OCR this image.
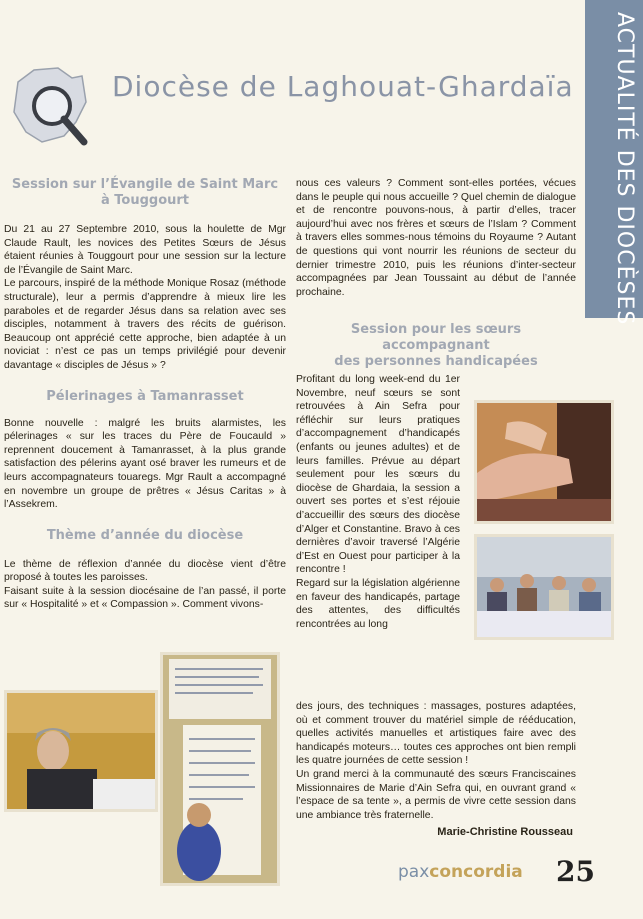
Diocèse de Laghouat-Ghardaïa	ACTUALITÉ DES DIOCÈSES

Session sur l’Évangile de Saint Marc

à Touggourt

Du 21 au 27 Septembre 2010, sous la houlette de Mgr Claude Rault, les novices des Petites Sœurs de Jésus étaient réunies à Touggourt pour une session sur la lecture de l’Évangile de Saint Marc.

Le parcours, inspiré de la méthode Monique Rosaz (méthode structurale), leur a permis d’apprendre à mieux lire les paraboles et de regarder Jésus dans sa relation avec ses disciples, notamment à travers des récits de guérison. Beaucoup ont apprécié cette approche, bien adaptée à un noviciat : n’est ce pas un temps privilégié pour devenir davantage « disciples de Jésus » ?

Pélerinages à Tamanrasset

Bonne nouvelle : malgré les bruits alarmistes, les pélerinages « sur les traces du Père de Foucauld » reprennent doucement à Tamanrasset, à la plus grande satisfaction des pélerins ayant osé braver les rumeurs et de leurs accompagnateurs touaregs. Mgr Rault a accompagné en novembre un groupe de prêtres « Jésus Caritas » à l’Assekrem.

Thème d’année du diocèse

Le thème de réflexion d’année du diocèse vient d’être proposé à toutes les paroisses.

Faisant suite à la session diocésaine de l’an passé, il porte sur « Hospitalité » et « Compassion ». Comment vivons-

nous ces valeurs ? Comment sont-elles portées, vécues dans le peuple qui nous accueille ? Quel chemin de dialogue et de rencontre pouvons-nous, à partir d’elles, tracer aujourd’hui avec nos frères et sœurs de l’Islam ? Comment à travers elles sommes-nous témoins du Royaume ? Autant de questions qui vont nourrir les réunions de secteur du dernier trimestre 2010, puis les réunions d’inter-secteur accompagnées par Jean Toussaint au début de l’année prochaine.

Session pour les sœurs accompagnant

des personnes handicapées

Profitant du long week-end du 1er Novembre, neuf sœurs se sont retrouvées à Ain Sefra pour réfléchir sur leurs pratiques d’accompagnement d’handicapés (enfants ou jeunes adultes) et de leurs familles. Prévue au départ seulement pour les sœurs du diocèse de Ghardaia, la session a ouvert ses portes et s’est réjouie d’accueillir des sœurs des diocèse d’Alger et Constantine. Bravo à ces dernières d’avoir traversé l’Algérie d’Est en Ouest pour participer à la rencontre !

Regard sur la législation algérienne en faveur des handicapés, partage des attentes, des difficultés rencontrées au long

des jours, des techniques : massages, postures adaptées, où et comment trouver du matériel simple de rééducation, quelles activités manuelles et artistiques faire avec des handicapés moteurs… toutes ces approches ont bien rempli les quatre journées de cette session !

Un grand merci à la communauté des sœurs Franciscaines Missionnaires de Marie d’Ain Sefra qui, en ouvrant grand « l’espace de sa tente », a permis de vivre cette session dans une ambiance très fraternelle.

Marie-Christine Rousseau
paxconcordia 25
